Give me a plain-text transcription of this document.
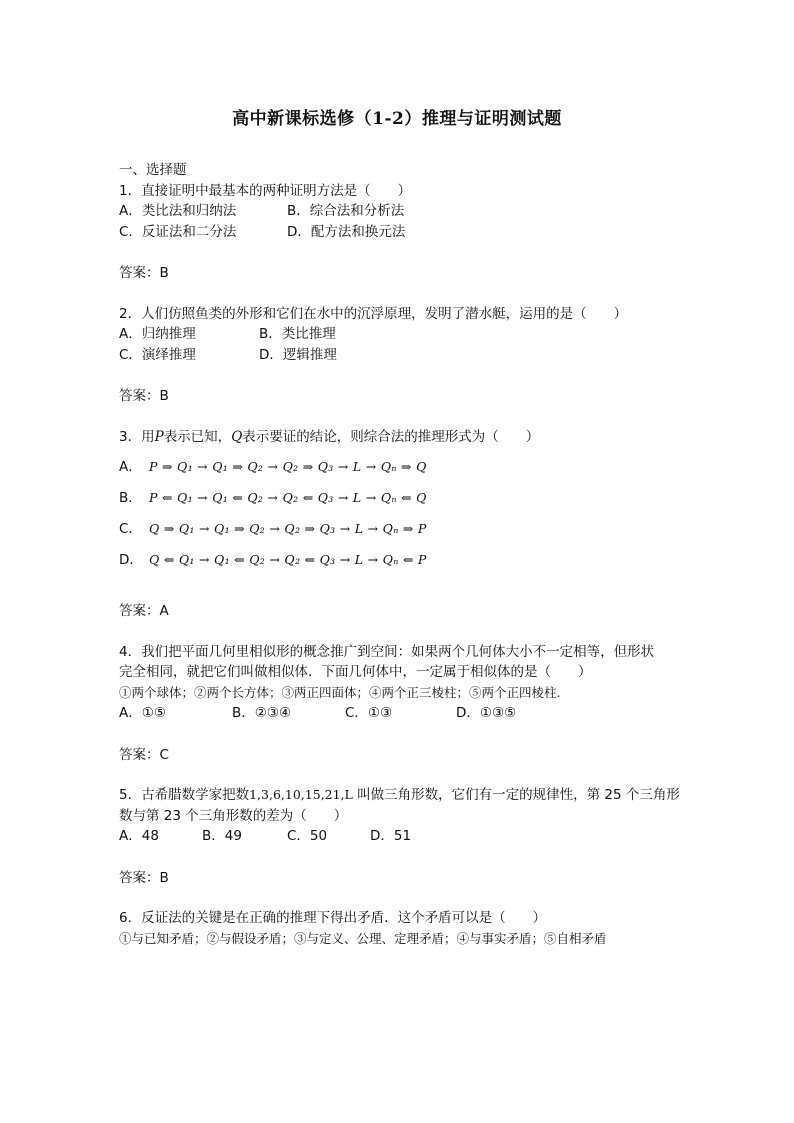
高中新课标选修（1-2）推理与证明测试题
一、选择题
1．直接证明中最基本的两种证明方法是（　　）
A．类比法和归纳法	B．综合法和分析法
C．反证法和二分法	D．配方法和换元法
答案：B
2．人们仿照鱼类的外形和它们在水中的沉浮原理，发明了潜水艇，运用的是（　　）
A．归纳推理	B．类比推理
C．演绎推理	D．逻辑推理
答案：B
3．用P表示已知，Q表示要证的结论，则综合法的推理形式为（　　）
A． P ⇒ Q₁ → Q₁ ⇒ Q₂ → Q₂ ⇒ Q₃ → L → Qₙ ⇒ Q
B． P ⇐ Q₁ → Q₁ ⇐ Q₂ → Q₂ ⇐ Q₃ → L → Qₙ ⇐ Q
C． Q ⇒ Q₁ → Q₁ ⇒ Q₂ → Q₂ ⇒ Q₃ → L → Qₙ ⇒ P
D． Q ⇐ Q₁ → Q₁ ⇐ Q₂ → Q₂ ⇐ Q₃ → L → Qₙ ⇐ P
答案：A
4．我们把平面几何里相似形的概念推广到空间：如果两个几何体大小不一定相等，但形状
完全相同，就把它们叫做相似体．下面几何体中，一定属于相似体的是（　　）
①两个球体；②两个长方体；③两正四面体；④两个正三棱柱；⑤两个正四棱柱.
A．①⑤	B．②③④	C．①③	D．①③⑤
答案：C
5．古希腊数学家把数1,3,6,10,15,21,L 叫做三角形数，它们有一定的规律性，第 25 个三角形
数与第 23 个三角形数的差为（　　）
A．48	B．49	C．50	D．51
答案：B
6．反证法的关键是在正确的推理下得出矛盾．这个矛盾可以是（　　）
①与已知矛盾；②与假设矛盾；③与定义、公理、定理矛盾；④与事实矛盾；⑤自相矛盾
